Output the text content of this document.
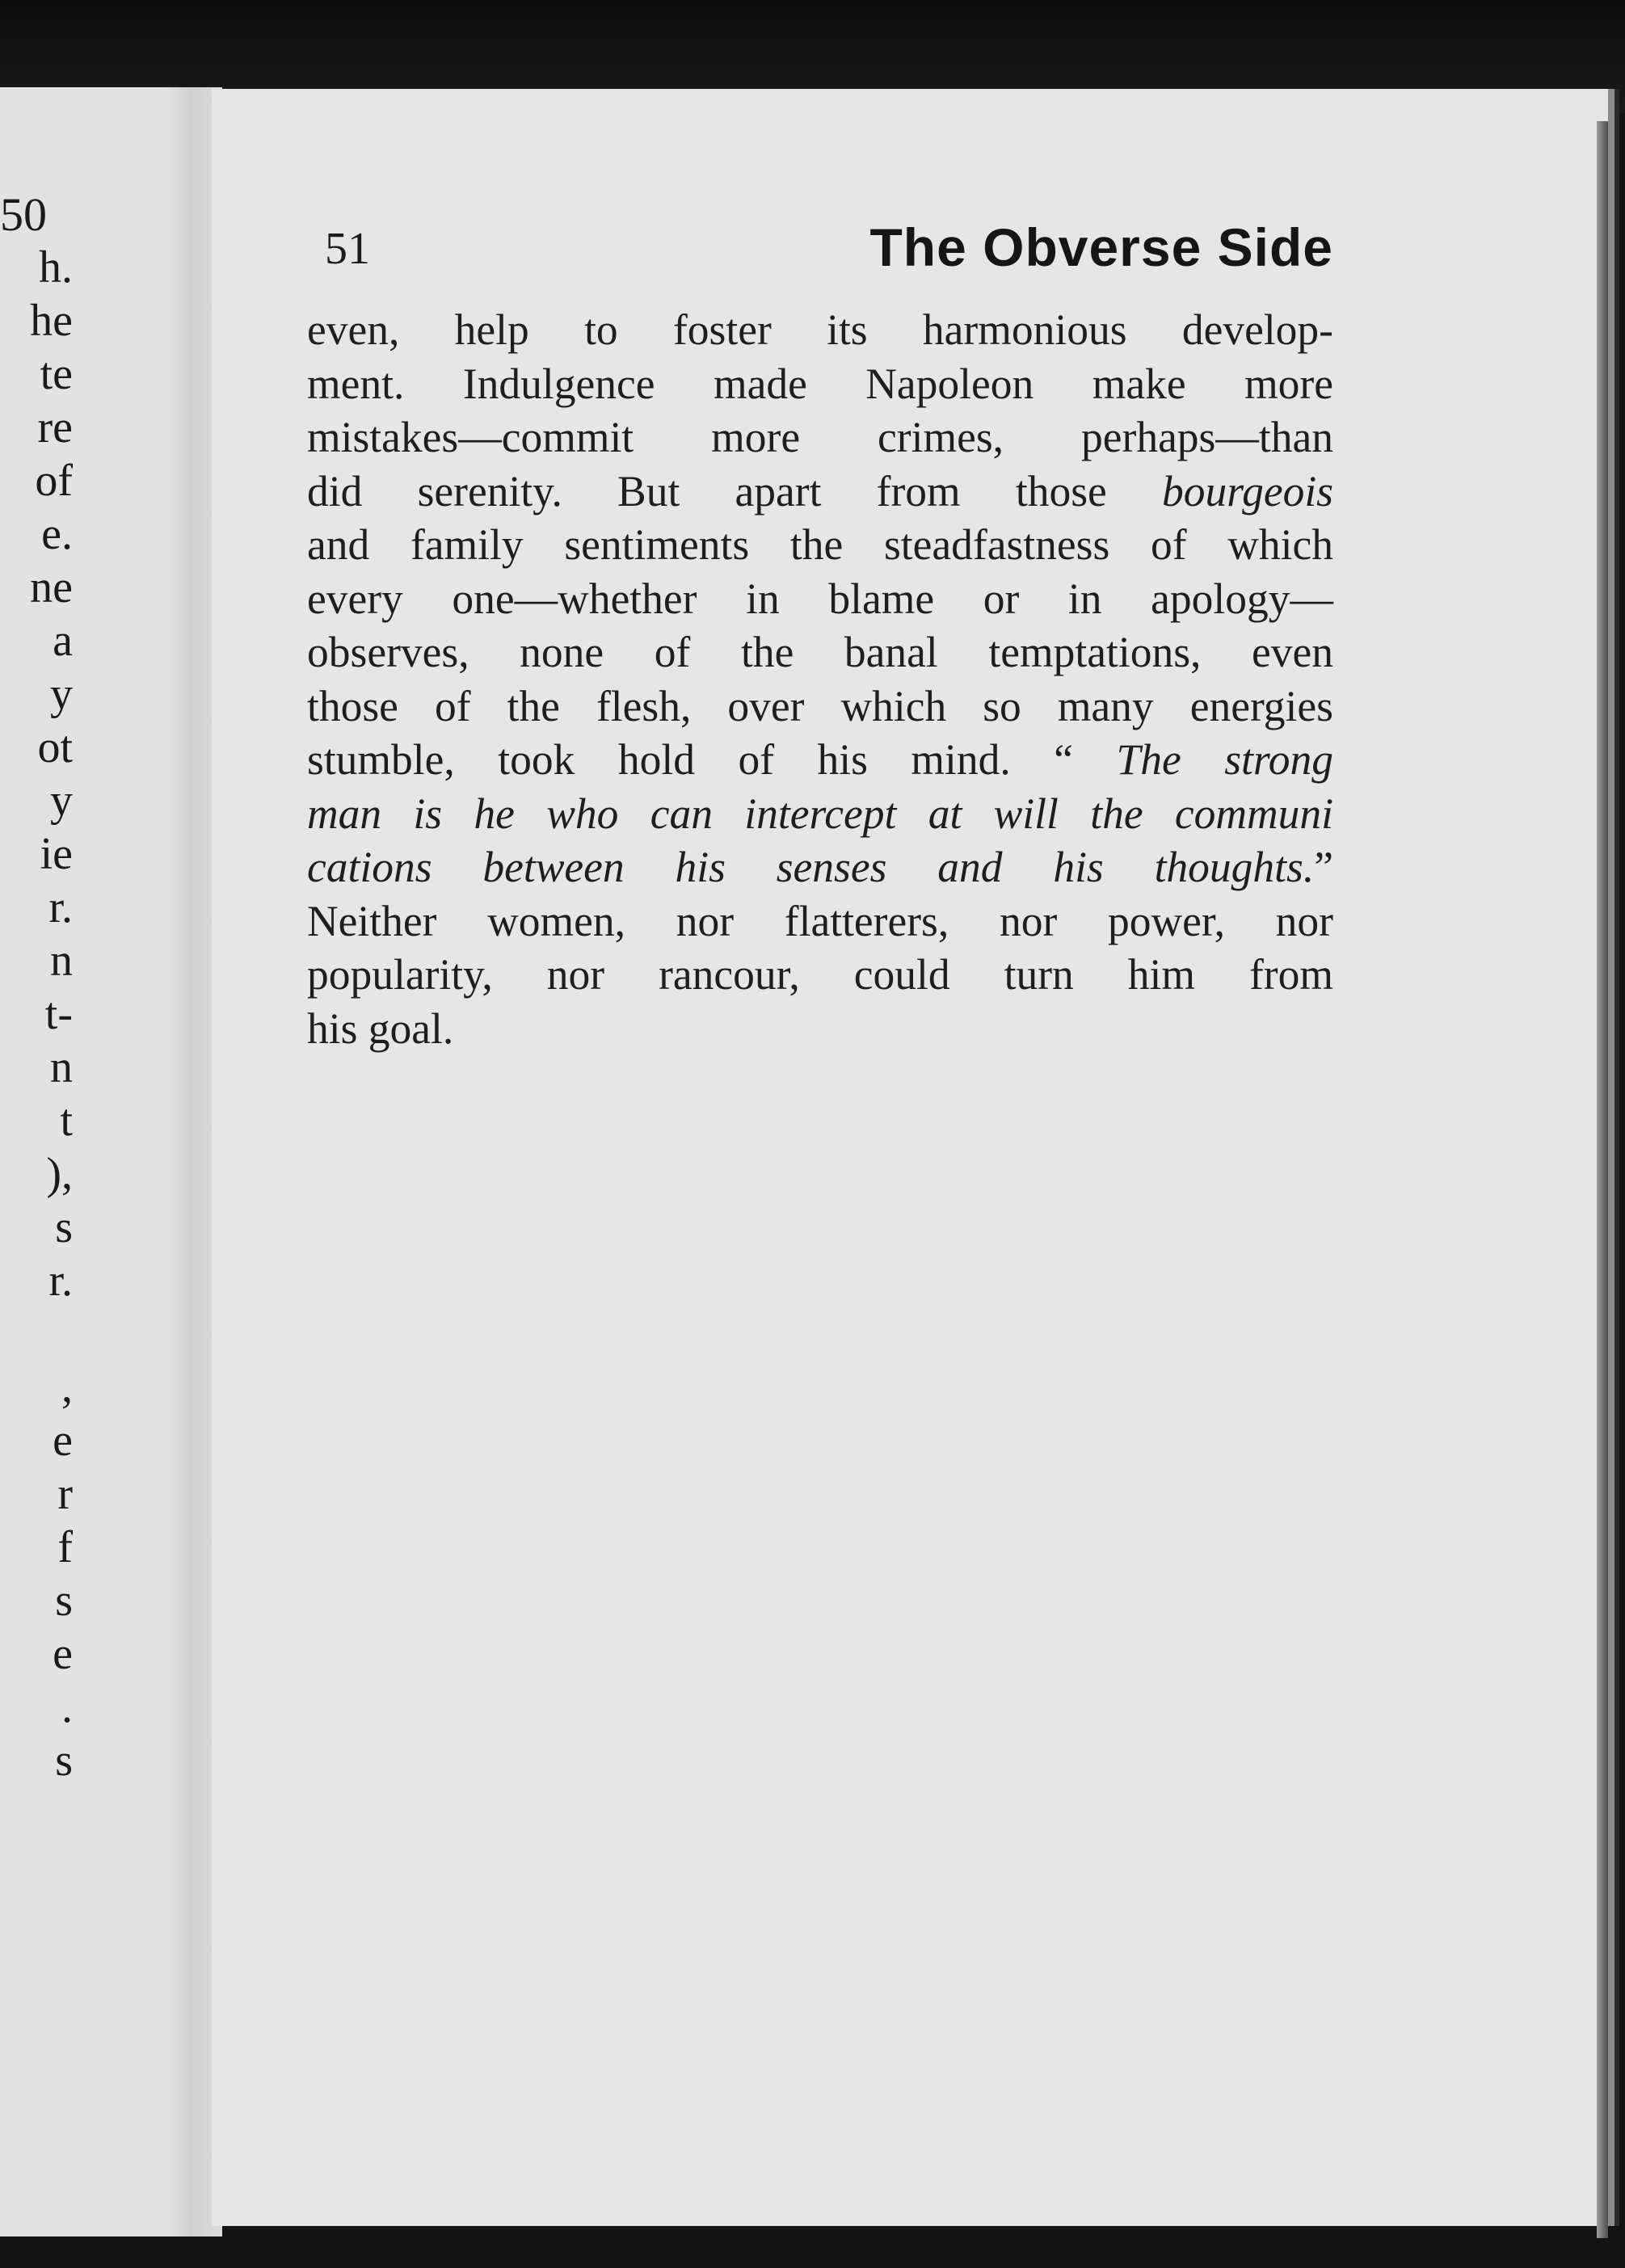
50
h.
he
te
re
of
e.
ne
a
y
ot
y
ie
r.
n
t-
n
t
),
s
r.
,
e
r
f
s
e
.
s
51	The Obverse Side
even, help to foster its harmonious develop-
ment. Indulgence made Napoleon make more
mistakes—commit more crimes, perhaps—than
did serenity. But apart from those bourgeois
and family sentiments the steadfastness of which
every one—whether in blame or in apology—
observes, none of the banal temptations, even
those of the flesh, over which so many energies
stumble, took hold of his mind. “ The strong
man is he who can intercept at will the communi
cations between his senses and his thoughts.”
Neither women, nor flatterers, nor power, nor
popularity, nor rancour, could turn him from
his goal.
